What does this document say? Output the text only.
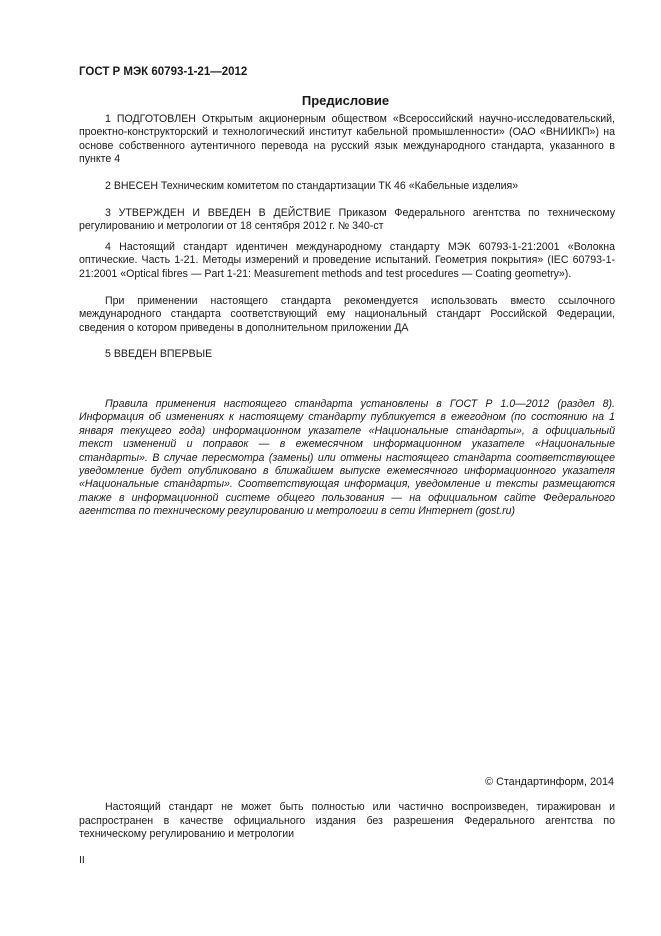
ГОСТ Р МЭК 60793-1-21—2012
Предисловие

1 ПОДГОТОВЛЕН Открытым акционерным обществом «Всероссийский научно-исследовательский, проектно-конструкторский и технологический институт кабельной промышленности» (ОАО «ВНИИКП») на основе собственного аутентичного перевода на русский язык международного стандарта, указанного в пункте 4

2 ВНЕСЕН Техническим комитетом по стандартизации ТК 46 «Кабельные изделия»

3 УТВЕРЖДЕН И ВВЕДЕН В ДЕЙСТВИЕ Приказом Федерального агентства по техническому регулированию и метрологии от 18 сентября 2012 г. № 340-ст

4 Настоящий стандарт идентичен международному стандарту МЭК 60793-1-21:2001 «Волокна оптические. Часть 1-21. Методы измерений и проведение испытаний. Геометрия покрытия» (IEC 60793-1-21:2001 «Optical fibres — Part 1-21: Measurement methods and test procedures — Coating geometry»).

При применении настоящего стандарта рекомендуется использовать вместо ссылочного международного стандарта соответствующий ему национальный стандарт Российской Федерации, сведения о котором приведены в дополнительном приложении ДА

5 ВВЕДЕН ВПЕРВЫЕ

Правила применения настоящего стандарта установлены в ГОСТ Р 1.0—2012 (раздел 8). Информация об изменениях к настоящему стандарту публикуется в ежегодном (по состоянию на 1 января текущего года) информационном указателе «Национальные стандарты», а официальный текст изменений и поправок — в ежемесячном информационном указателе «Национальные стандарты». В случае пересмотра (замены) или отмены настоящего стандарта соответствующее уведомление будет опубликовано в ближайшем выпуске ежемесячного информационного указателя «Национальные стандарты». Соответствующая информация, уведомление и тексты размещаются также в информационной системе общего пользования — на официальном сайте Федерального агентства по техническому регулированию и метрологии в сети Интернет (gost.ru)

© Стандартинформ, 2014

Настоящий стандарт не может быть полностью или частично воспроизведен, тиражирован и распространен в качестве официального издания без разрешения Федерального агентства по техническому регулированию и метрологии

II
